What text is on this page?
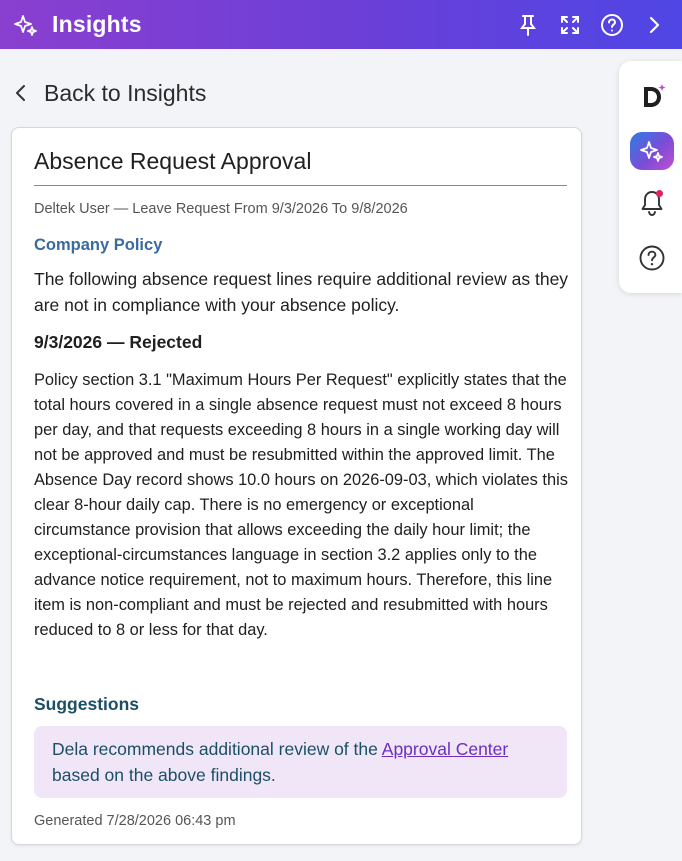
Insights
Back to Insights
Absence Request Approval
Deltek User — Leave Request From 9/3/2026 To 9/8/2026
Company Policy
The following absence request lines require additional review as they are not in compliance with your absence policy.
9/3/2026 — Rejected
Policy section 3.1 "Maximum Hours Per Request" explicitly states that the total hours covered in a single absence request must not exceed 8 hours per day, and that requests exceeding 8 hours in a single working day will not be approved and must be resubmitted within the approved limit. The Absence Day record shows 10.0 hours on 2026-09-03, which violates this clear 8-hour daily cap. There is no emergency or exceptional circumstance provision that allows exceeding the daily hour limit; the exceptional-circumstances language in section 3.2 applies only to the advance notice requirement, not to maximum hours. Therefore, this line item is non-compliant and must be rejected and resubmitted with hours reduced to 8 or less for that day.
Suggestions
Dela recommends additional review of the Approval Center based on the above findings.
Generated 7/28/2026 06:43 pm
